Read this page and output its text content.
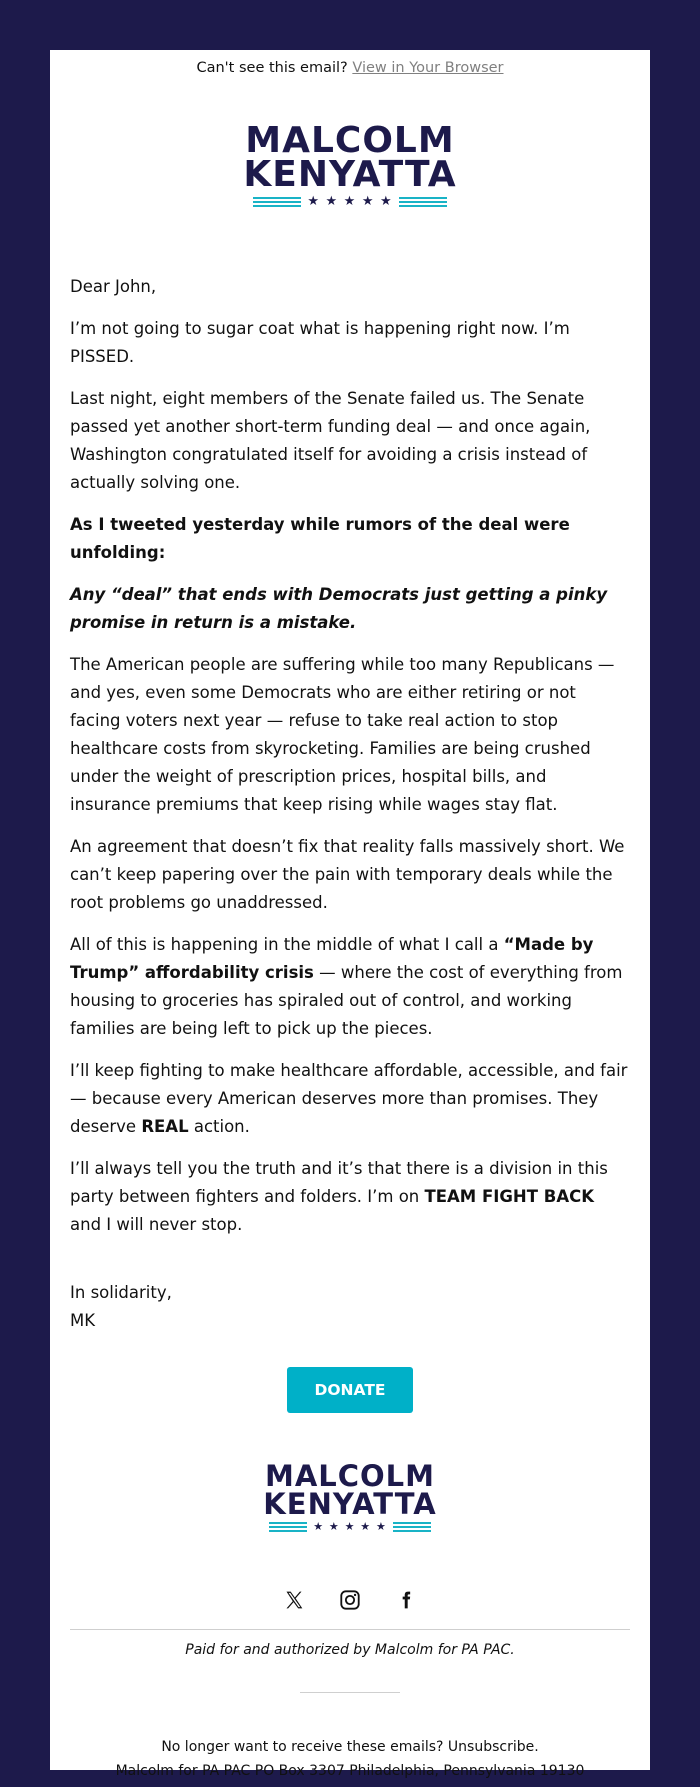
Can't see this email? View in Your Browser
MALCOLM
KENYATTA
★ ★ ★ ★ ★

Dear John,

I’m not going to sugar coat what is happening right now. I’m PISSED.

Last night, eight members of the Senate failed us. The Senate passed yet another short-term funding deal — and once again, Washington congratulated itself for avoiding a crisis instead of actually solving one.

As I tweeted yesterday while rumors of the deal were unfolding:

Any “deal” that ends with Democrats just getting a pinky promise in return is a mistake.

The American people are suffering while too many Republicans — and yes, even some Democrats who are either retiring or not facing voters next year — refuse to take real action to stop healthcare costs from skyrocketing. Families are being crushed under the weight of prescription prices, hospital bills, and insurance premiums that keep rising while wages stay flat.

An agreement that doesn’t fix that reality falls massively short. We can’t keep papering over the pain with temporary deals while the root problems go unaddressed.

All of this is happening in the middle of what I call a “Made by Trump” affordability crisis — where the cost of everything from housing to groceries has spiraled out of control, and working families are being left to pick up the pieces.

I’ll keep fighting to make healthcare affordable, accessible, and fair — because every American deserves more than promises. They deserve REAL action.

I’ll always tell you the truth and it’s that there is a division in this party between fighters and folders. I’m on TEAM FIGHT BACK and I will never stop.

In solidarity,
MK
DONATE
MALCOLM
KENYATTA
★ ★ ★ ★ ★
Paid for and authorized by Malcolm for PA PAC.
No longer want to receive these emails? Unsubscribe.
Malcolm for PA PAC PO Box 3307 Philadelphia, Pennsylvania 19130
